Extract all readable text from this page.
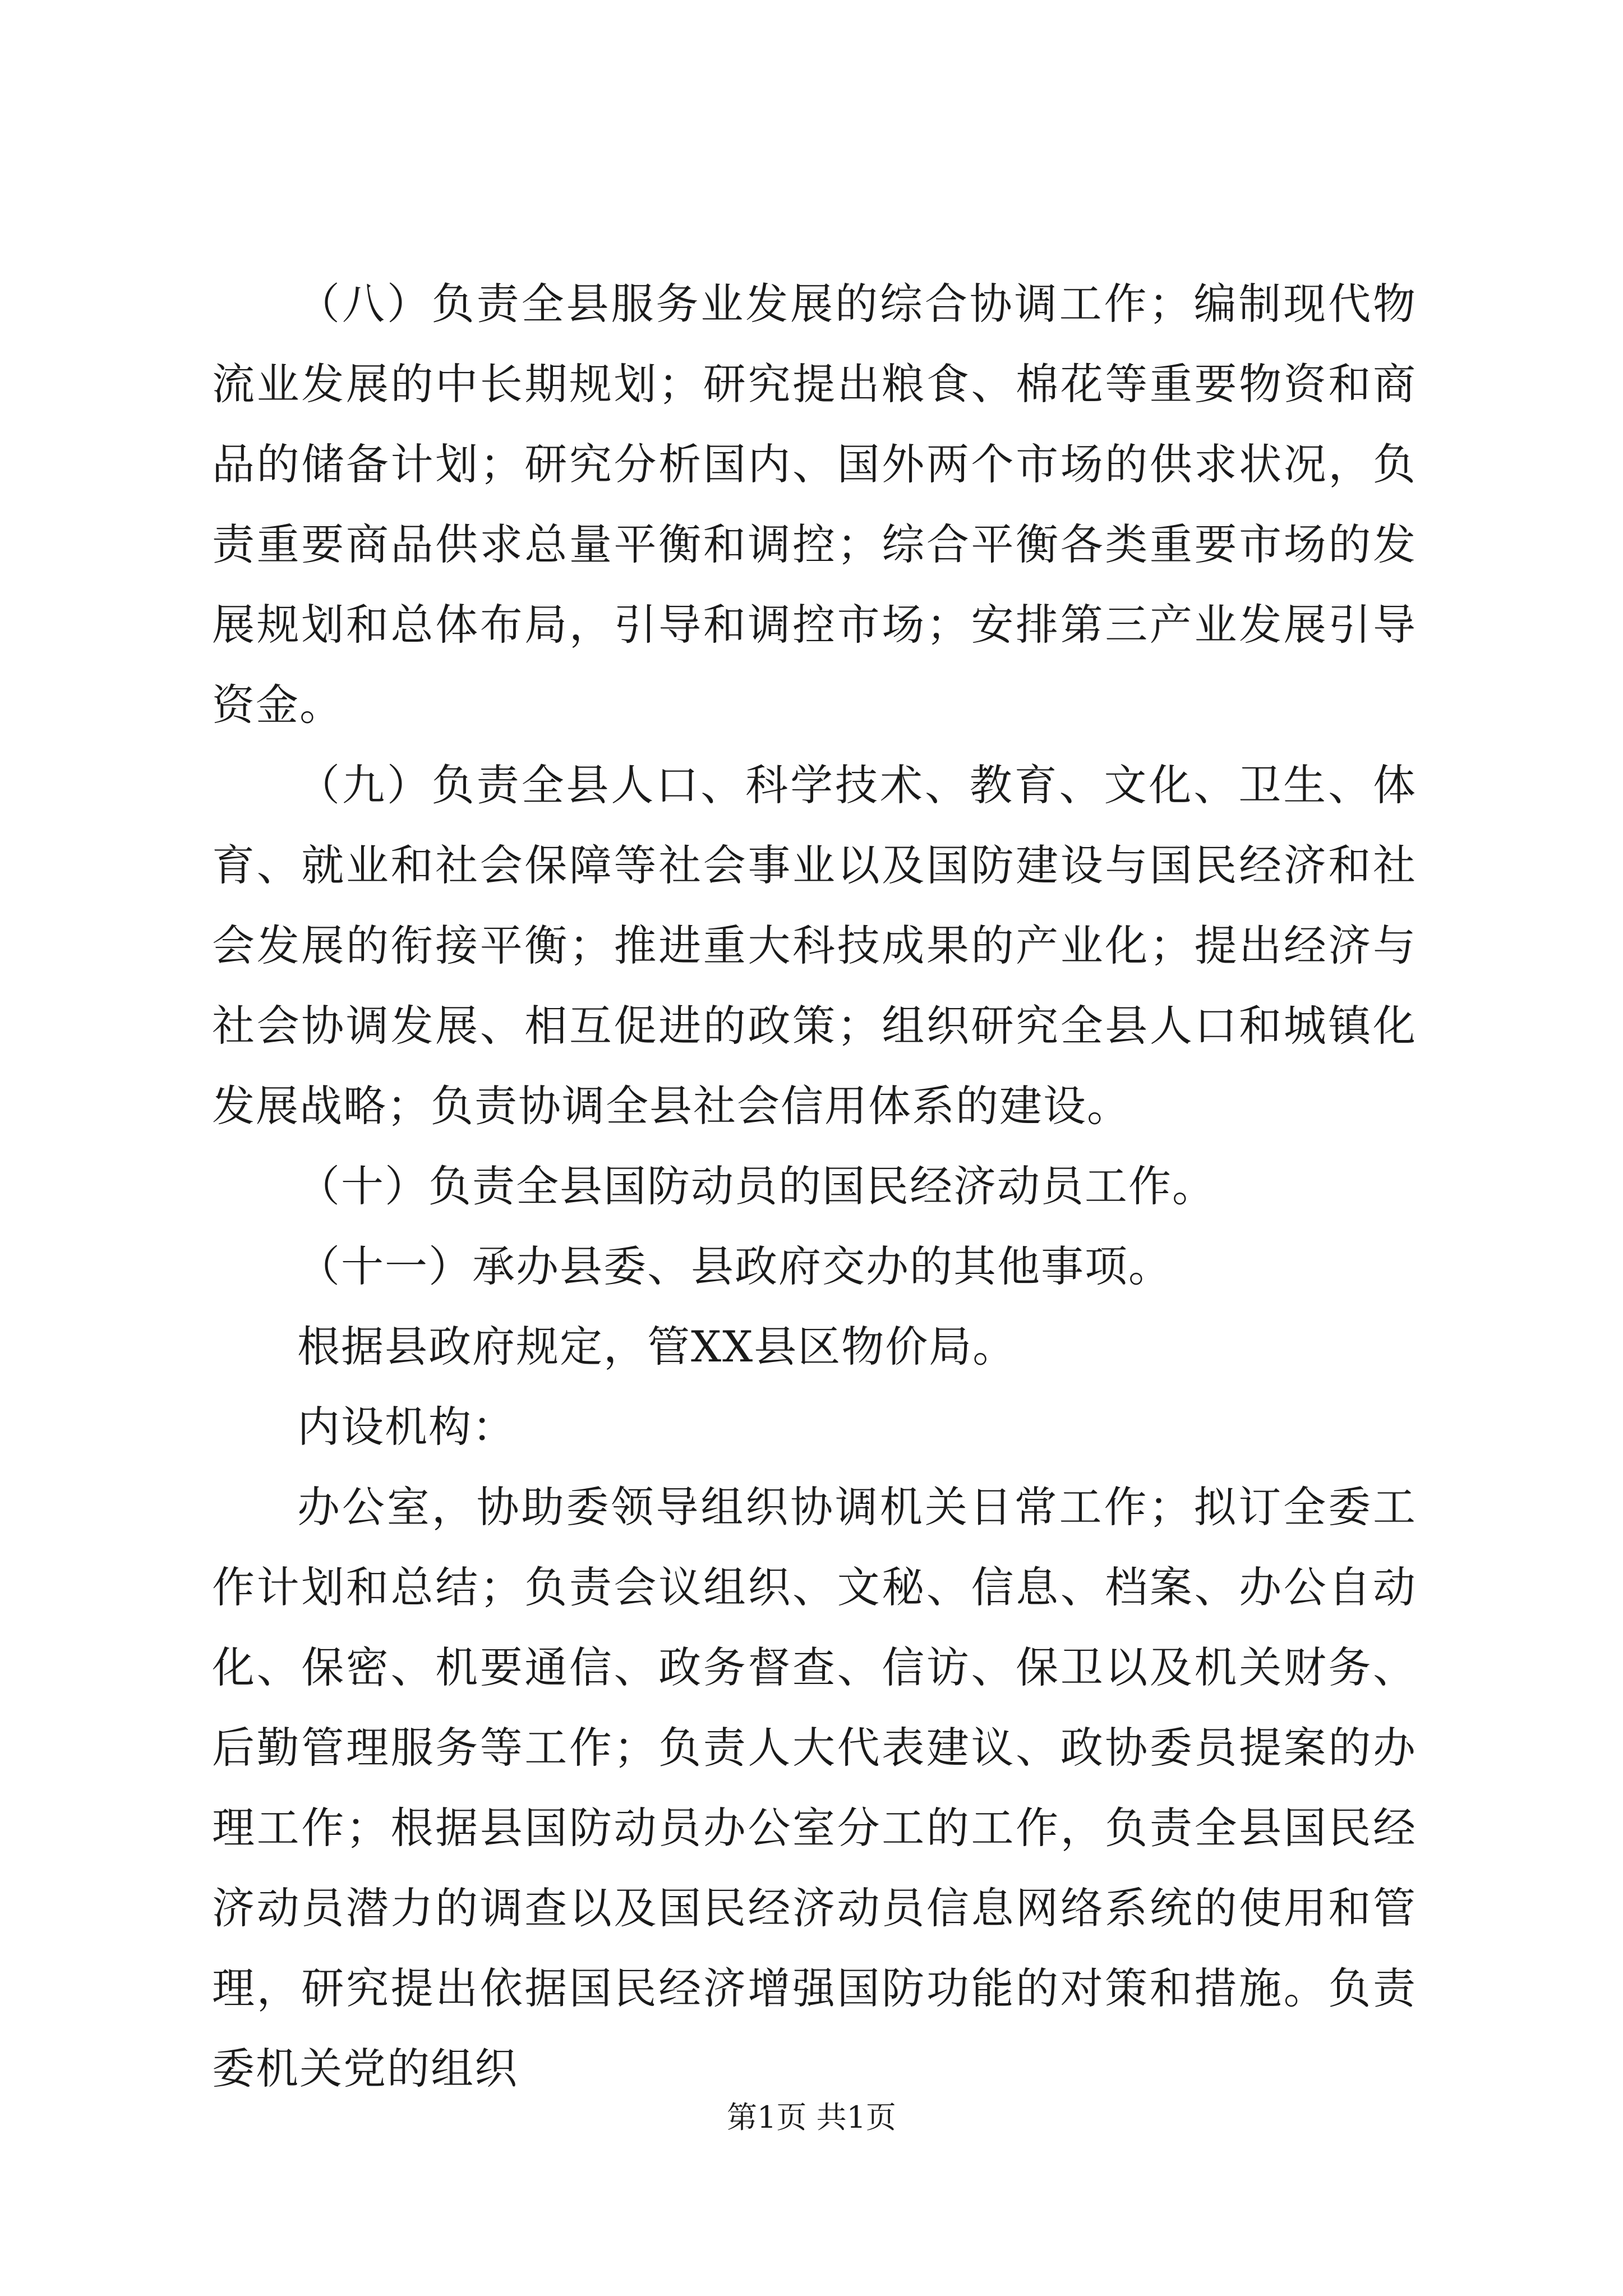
（八）负责全县服务业发展的综合协调工作；编制现代物流业发展的中长期规划；研究提出粮食、棉花等重要物资和商品的储备计划；研究分析国内、国外两个市场的供求状况，负责重要商品供求总量平衡和调控；综合平衡各类重要市场的发展规划和总体布局，引导和调控市场；安排第三产业发展引导资金。

（九）负责全县人口、科学技术、教育、文化、卫生、体育、就业和社会保障等社会事业以及国防建设与国民经济和社会发展的衔接平衡；推进重大科技成果的产业化；提出经济与社会协调发展、相互促进的政策；组织研究全县人口和城镇化发展战略；负责协调全县社会信用体系的建设。

（十）负责全县国防动员的国民经济动员工作。

（十一）承办县委、县政府交办的其他事项。

根据县政府规定，管XX县区物价局。

内设机构：

办公室，协助委领导组织协调机关日常工作；拟订全委工作计划和总结；负责会议组织、文秘、信息、档案、办公自动化、保密、机要通信、政务督查、信访、保卫以及机关财务、后勤管理服务等工作；负责人大代表建议、政协委员提案的办理工作；根据县国防动员办公室分工的工作，负责全县国民经济动员潜力的调查以及国民经济动员信息网络系统的使用和管理，研究提出依据国民经济增强国防功能的对策和措施。负责委机关党的组织

第1页 共1页
